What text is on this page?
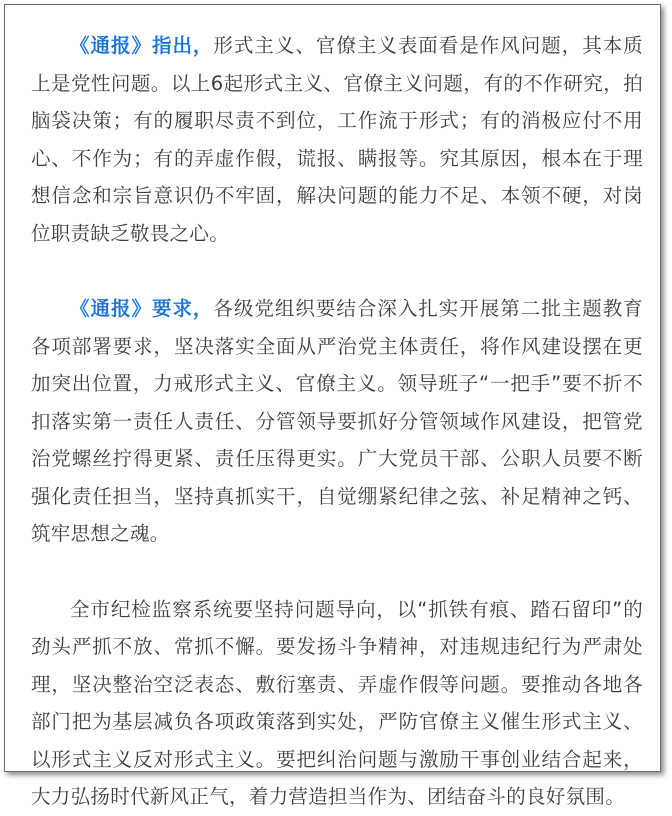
《通报》指出，形式主义、官僚主义表面看是作风问题，其本质上是党性问题。以上6起形式主义、官僚主义问题，有的不作研究，拍脑袋决策；有的履职尽责不到位，工作流于形式；有的消极应付不用心、不作为；有的弄虚作假，谎报、瞒报等。究其原因，根本在于理想信念和宗旨意识仍不牢固，解决问题的能力不足、本领不硬，对岗位职责缺乏敬畏之心。

《通报》要求，各级党组织要结合深入扎实开展第二批主题教育各项部署要求，坚决落实全面从严治党主体责任，将作风建设摆在更加突出位置，力戒形式主义、官僚主义。领导班子“一把手”要不折不扣落实第一责任人责任、分管领导要抓好分管领域作风建设，把管党治党螺丝拧得更紧、责任压得更实。广大党员干部、公职人员要不断强化责任担当，坚持真抓实干，自觉绷紧纪律之弦、补足精神之钙、筑牢思想之魂。

全市纪检监察系统要坚持问题导向，以“抓铁有痕、踏石留印”的劲头严抓不放、常抓不懈。要发扬斗争精神，对违规违纪行为严肃处理，坚决整治空泛表态、敷衍塞责、弄虚作假等问题。要推动各地各部门把为基层减负各项政策落到实处，严防官僚主义催生形式主义、以形式主义反对形式主义。要把纠治问题与激励干事创业结合起来，大力弘扬时代新风正气，着力营造担当作为、团结奋斗的良好氛围。
